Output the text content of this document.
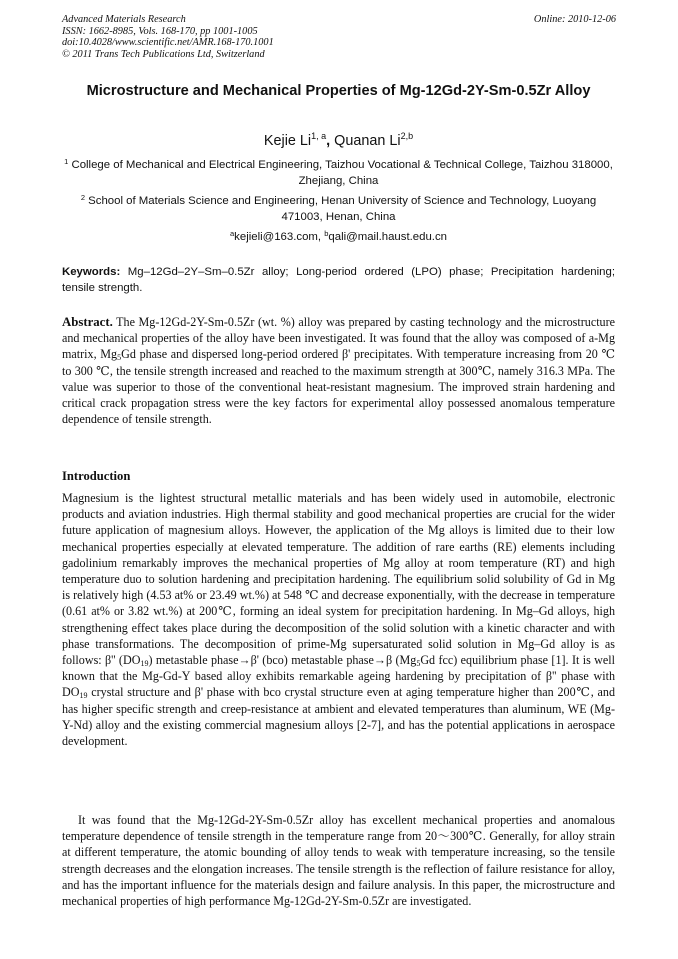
Advanced Materials Research
ISSN: 1662-8985, Vols. 168-170, pp 1001-1005
doi:10.4028/www.scientific.net/AMR.168-170.1001
© 2011 Trans Tech Publications Ltd, Switzerland
Online: 2010-12-06
Microstructure and Mechanical Properties of Mg-12Gd-2Y-Sm-0.5Zr Alloy
Kejie Li$^{1, a}$, Quanan Li$^{2,b}$
$^1$ College of Mechanical and Electrical Engineering, Taizhou Vocational & Technical College, Taizhou 318000, Zhejiang, China
$^2$ School of Materials Science and Engineering, Henan University of Science and Technology, Luoyang 471003, Henan, China
$^a$kejieli@163.com, $^b$qali@mail.haust.edu.cn
Keywords: Mg–12Gd–2Y–Sm–0.5Zr alloy; Long-period ordered (LPO) phase; Precipitation hardening; tensile strength.
Abstract. The Mg-12Gd-2Y-Sm-0.5Zr (wt. %) alloy was prepared by casting technology and the microstructure and mechanical properties of the alloy have been investigated. It was found that the alloy was composed of a-Mg matrix, $Mg_5Gd$ phase and dispersed long-period ordered β' precipitates. With temperature increasing from 20 ℃ to 300 ℃, the tensile strength increased and reached to the maximum strength at 300℃, namely 316.3 MPa. The value was superior to those of the conventional heat-resistant magnesium. The improved strain hardening and critical crack propagation stress were the key factors for experimental alloy possessed anomalous temperature dependence of tensile strength.
Introduction
Magnesium is the lightest structural metallic materials and has been widely used in automobile, electronic products and aviation industries. High thermal stability and good mechanical properties are crucial for the wider future application of magnesium alloys. However, the application of the Mg alloys is limited due to their low mechanical properties especially at elevated temperature. The addition of rare earths (RE) elements including gadolinium remarkably improves the mechanical properties of Mg alloy at room temperature (RT) and high temperature duo to solution hardening and precipitation hardening. The equilibrium solid solubility of Gd in Mg is relatively high (4.53 at% or 23.49 wt.%) at 548 ℃ and decrease exponentially, with the decrease in temperature (0.61 at% or 3.82 wt.%) at 200℃, forming an ideal system for precipitation hardening. In Mg–Gd alloys, high strengthening effect takes place during the decomposition of the solid solution with a kinetic character and with phase transformations. The decomposition of prime-Mg supersaturated solid solution in Mg–Gd alloy is as follows: β'' $(DO_{19})$ metastable phase→β' (bco) metastable phase→β ($Mg_5Gd$ fcc) equilibrium phase [1]. It is well known that the Mg-Gd-Y based alloy exhibits remarkable ageing hardening by precipitation of β'' phase with $DO_{19}$ crystal structure and β' phase with bco crystal structure even at aging temperature higher than 200℃, and has higher specific strength and creep-resistance at ambient and elevated temperatures than aluminum, WE (Mg-Y-Nd) alloy and the existing commercial magnesium alloys [2-7], and has the potential applications in aerospace development.
It was found that the Mg-12Gd-2Y-Sm-0.5Zr alloy has excellent mechanical properties and anomalous temperature dependence of tensile strength in the temperature range from 20～300℃. Generally, for alloy strain at different temperature, the atomic bounding of alloy tends to weak with temperature increasing, so the tensile strength decreases and the elongation increases. The tensile strength is the reflection of failure resistance for alloy, and has the important influence for the materials design and failure analysis. In this paper, the microstructure and mechanical properties of high performance Mg-12Gd-2Y-Sm-0.5Zr are investigated.
